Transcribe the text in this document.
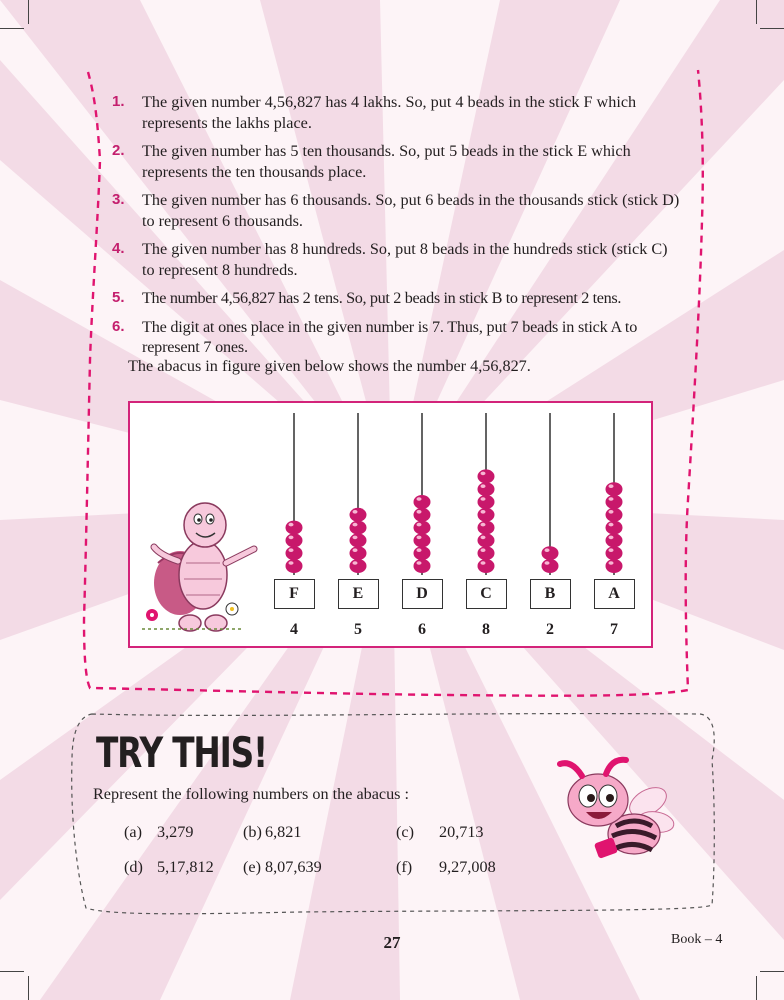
1. The given number 4,56,827 has 4 lakhs. So, put 4 beads in the stick F which represents the lakhs place.
2. The given number has 5 ten thousands. So, put 5 beads in the stick E which represents the ten thousands place.
3. The given number has 6 thousands. So, put 6 beads in the thousands stick (stick D) to represent 6 thousands.
4. The given number has 8 hundreds. So, put 8 beads in the hundreds stick (stick C) to represent 8 hundreds.
5. The number 4,56,827 has 2 tens. So, put 2 beads in stick B to represent 2 tens.
6. The digit at ones place in the given number is 7. Thus, put 7 beads in stick A to represent 7 ones.
The abacus in figure given below shows the number 4,56,827.
F
4
E
5
D
6
C
8
B
2
A
7
TRY THIS!
Represent the following numbers on the abacus :
(a) 3,279	(b) 6,821	(c) 20,713
(d) 5,17,812 (e) 8,07,639	(f) 9,27,008
27	Book – 4
